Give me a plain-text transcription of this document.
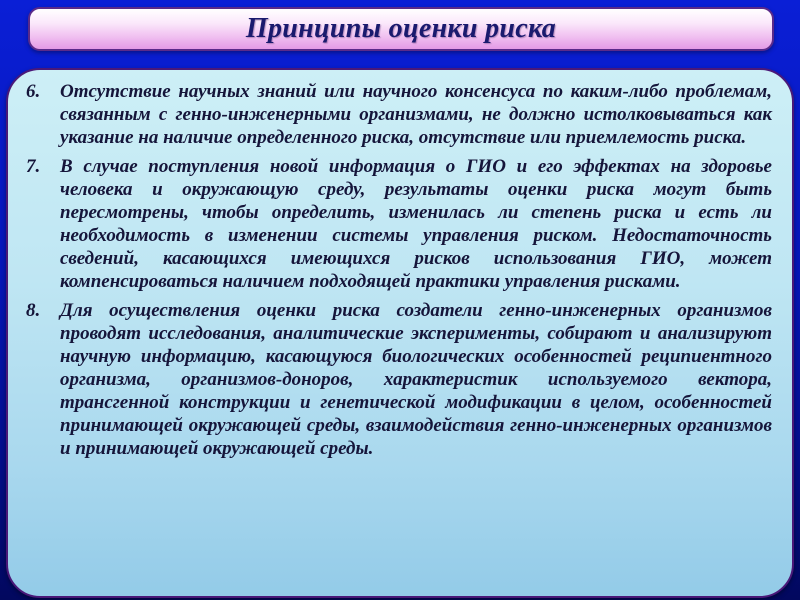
Принципы оценки риска
6.	Отсутствие научных знаний или научного консенсуса по каким-либо проблемам, связанным с генно-инженерными организмами, не должно истолковываться как указание на наличие определенного риска, отсутствие или приемлемость риска.
7.	В случае поступления новой информация о ГИО и его эффектах на здоровье человека и окружающую среду, результаты оценки риска могут быть пересмотрены, чтобы определить, изменилась ли степень риска и есть ли необходимость в изменении системы управления риском. Недостаточность сведений, касающихся имеющихся рисков использования ГИО, может компенсироваться наличием подходящей практики управления рисками.
8.	Для осуществления оценки риска создатели генно-инженерных организмов проводят исследования, аналитические эксперименты, собирают и анализируют научную информацию, касающуюся биологических особенностей реципиентного организма, организмов-доноров, характеристик используемого вектора, трансгенной конструкции и генетической модификации в целом, особенностей принимающей окружающей среды, взаимодействия генно-инженерных организмов и принимающей окружающей среды.
